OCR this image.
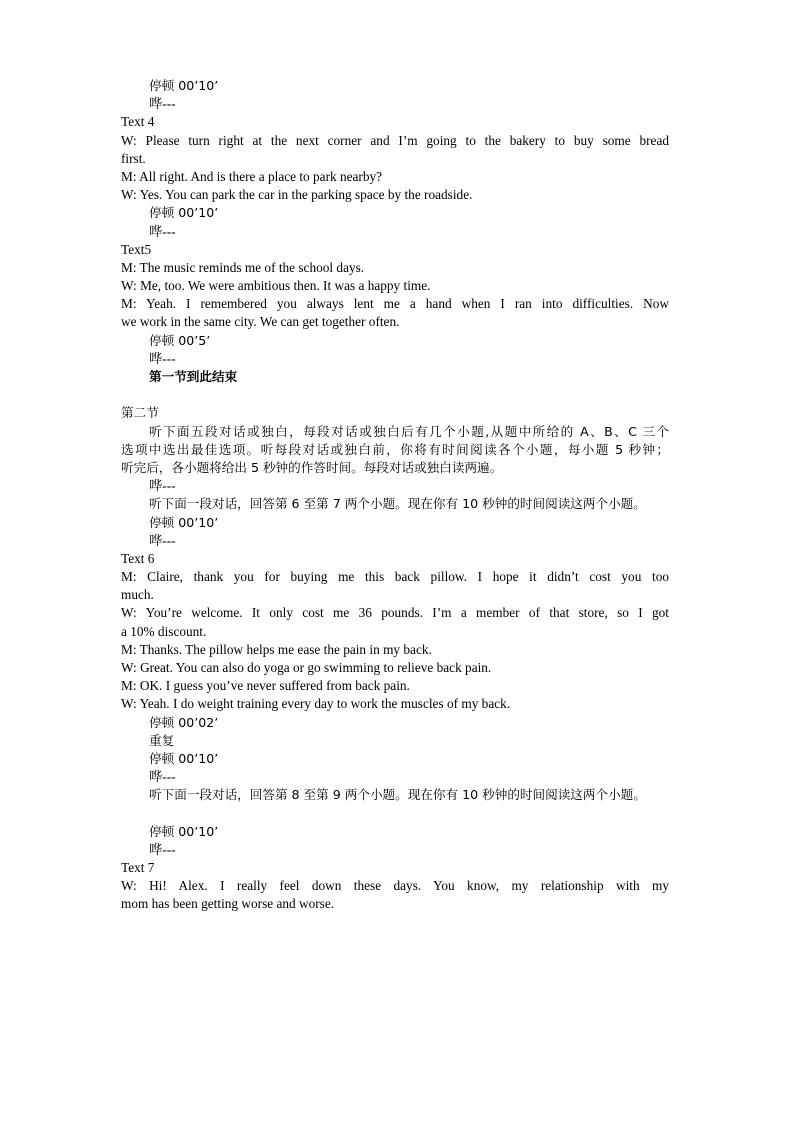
停顿 00’10’
哗---
Text 4
W: Please turn right at the next corner and I’m going to the bakery to buy some bread
first.
M: All right. And is there a place to park nearby?
W: Yes. You can park the car in the parking space by the roadside.
停顿 00’10’
哗---
Text5
M: The music reminds me of the school days.
W: Me, too. We were ambitious then. It was a happy time.
M: Yeah. I remembered you always lent me a hand when I ran into difficulties. Now
we work in the same city. We can get together often.
停顿 00’5’
哗---
第一节到此结束
第二节
听下面五段对话或独白，每段对话或独白后有几个小题,从题中所给的 A、B、C 三个
选项中选出最佳选项。听每段对话或独白前，你将有时间阅读各个小题，每小题 5 秒钟；
听完后，各小题将给出 5 秒钟的作答时间。每段对话或独白读两遍。
哗---
听下面一段对话，回答第 6 至第 7 两个小题。现在你有 10 秒钟的时间阅读这两个小题。
停顿 00’10’
哗---
Text 6
M: Claire, thank you for buying me this back pillow. I hope it didn’t cost you too
much.
W: You’re welcome. It only cost me 36 pounds. I’m a member of that store, so I got
a 10% discount.
M: Thanks. The pillow helps me ease the pain in my back.
W: Great. You can also do yoga or go swimming to relieve back pain.
M: OK. I guess you’ve never suffered from back pain.
W: Yeah. I do weight training every day to work the muscles of my back.
停顿 00’02’
重复
停顿 00’10’
哗---
听下面一段对话，回答第 8 至第 9 两个小题。现在你有 10 秒钟的时间阅读这两个小题。
停顿 00’10’
哗---
Text 7
W: Hi! Alex. I really feel down these days. You know, my relationship with my
mom has been getting worse and worse.
